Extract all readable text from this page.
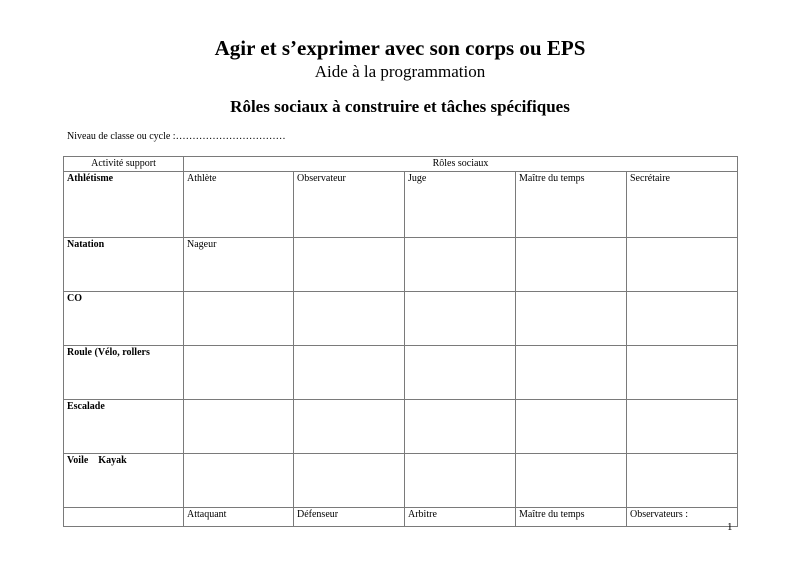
Agir et s’exprimer avec son corps ou EPS
Aide à la programmation
Rôles sociaux à construire et tâches spécifiques
Niveau de classe ou cycle :……………………………
Activité support	Rôles sociaux				
Athlétisme	Athlète	Observateur	Juge	Maître du temps	Secrétaire
Natation	Nageur				
CO					
Roule (Vélo, rollers					
Escalade					
Voile    Kayak					
	Attaquant	Défenseur	Arbitre	Maître du temps	Observateurs :
1
